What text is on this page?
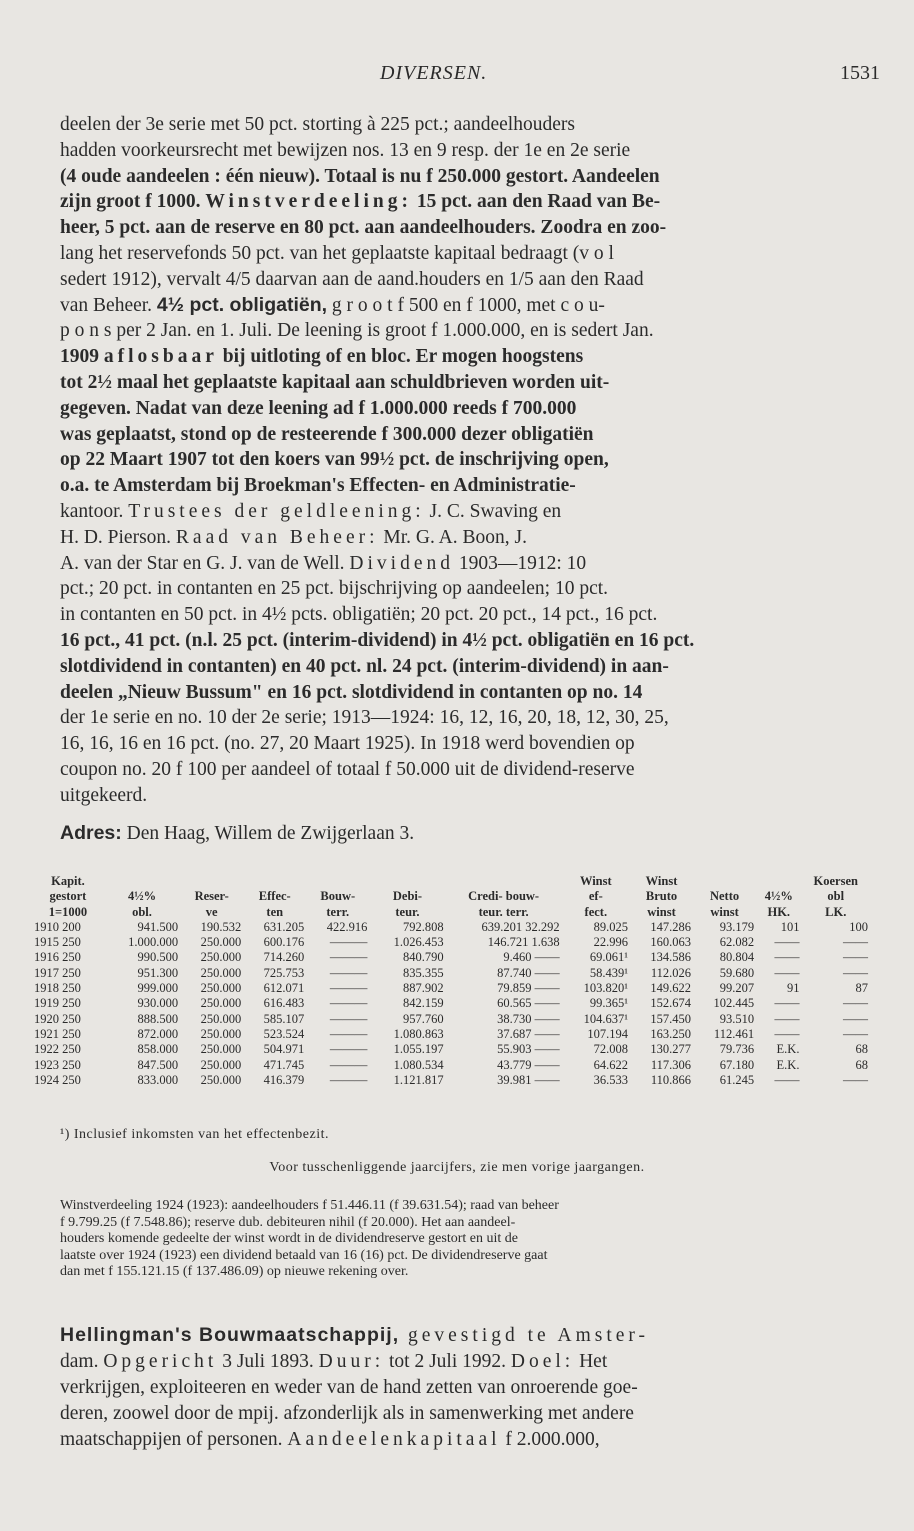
DIVERSEN.	1531
deelen der 3e serie met 50 pct. storting à 225 pct.; aandeelhouders
hadden voorkeursrecht met bewijzen nos. 13 en 9 resp. der 1e en 2e serie
(4 oude aandeelen : één nieuw). Totaal is nu f 250.000 gestort. Aandeelen
zijn groot f 1000. Winstverdeeling: 15 pct. aan den Raad van Be-
heer, 5 pct. aan de reserve en 80 pct. aan aandeelhouders. Zoodra en zoo-
lang het reservefonds 50 pct. van het geplaatste kapitaal bedraagt (v o l
sedert 1912), vervalt 4/5 daarvan aan de aand.houders en 1/5 aan den Raad
van Beheer. 4½ pct. obligatiën, g r o o t f 500 en f 1000, met c o u-
p o n s per 2 Jan. en 1. Juli. De leening is groot f 1.000.000, en is sedert Jan.
1909 aflosbaar bij uitloting of en bloc. Er mogen hoogstens
tot 2½ maal het geplaatste kapitaal aan schuldbrieven worden uit-
gegeven. Nadat van deze leening ad f 1.000.000 reeds f 700.000
was geplaatst, stond op de resteerende f 300.000 dezer obligatiën
op 22 Maart 1907 tot den koers van 99½ pct. de inschrijving open,
o.a. te Amsterdam bij Broekman's Effecten- en Administratie-
kantoor. Trustees der geldleening: J. C. Swaving en
H. D. Pierson. Raad van Beheer: Mr. G. A. Boon, J.
A. van der Star en G. J. van de Well. Dividend 1903—1912: 10
pct.; 20 pct. in contanten en 25 pct. bijschrijving op aandeelen; 10 pct.
in contanten en 50 pct. in 4½ pcts. obligatiën; 20 pct. 20 pct., 14 pct., 16 pct.
16 pct., 41 pct. (n.l. 25 pct. (interim-dividend) in 4½ pct. obligatiën en 16 pct.
slotdividend in contanten) en 40 pct. nl. 24 pct. (interim-dividend) in aan-
deelen „Nieuw Bussum" en 16 pct. slotdividend in contanten op no. 14
der 1e serie en no. 10 der 2e serie; 1913—1924: 16, 12, 16, 20, 18, 12, 30, 25,
16, 16, 16 en 16 pct. (no. 27, 20 Maart 1925). In 1918 werd bovendien op
coupon no. 20 f 100 per aandeel of totaal f 50.000 uit de dividend-reserve
uitgekeerd.
Adres: Den Haag, Willem de Zwijgerlaan 3.
Kapit.							Winst	Winst			Koersen
gestort	4½%	Reser-	Effec-	Bouw-	Debi-	Credi- bouw-	ef-	Bruto	Netto	4½%	obl
1=1000	obl.	ve	ten	terr.	teur.	teur. terr.	fect.	winst	winst	HK.	LK.
1910 200	941.500	190.532	631.205	422.916	792.808	639.201 32.292	89.025	147.286	93.179	101	100
1915 250	1.000.000	250.000	600.176	———	1.026.453	146.721 1.638	22.996	160.063	62.082	——	——
1916 250	990.500	250.000	714.260	———	840.790	9.460 ——	69.061¹	134.586	80.804	——	——
1917 250	951.300	250.000	725.753	———	835.355	87.740 ——	58.439¹	112.026	59.680	——	——
1918 250	999.000	250.000	612.071	———	887.902	79.859 ——	103.820¹	149.622	99.207	91	87
1919 250	930.000	250.000	616.483	———	842.159	60.565 ——	99.365¹	152.674	102.445	——	——
1920 250	888.500	250.000	585.107	———	957.760	38.730 ——	104.637¹	157.450	93.510	——	——
1921 250	872.000	250.000	523.524	———	1.080.863	37.687 ——	107.194	163.250	112.461	——	——
1922 250	858.000	250.000	504.971	———	1.055.197	55.903 ——	72.008	130.277	79.736	E.K.	68
1923 250	847.500	250.000	471.745	———	1.080.534	43.779 ——	64.622	117.306	67.180	E.K.	68
1924 250	833.000	250.000	416.379	———	1.121.817	39.981 ——	36.533	110.866	61.245	——	——
¹) Inclusief inkomsten van het effectenbezit.
Voor tusschenliggende jaarcijfers, zie men vorige jaargangen.
Winstverdeeling 1924 (1923): aandeelhouders f 51.446.11 (f 39.631.54); raad van beheer
f 9.799.25 (f 7.548.86); reserve dub. debiteuren nihil (f 20.000). Het aan aandeel-
houders komende gedeelte der winst wordt in de dividendreserve gestort en uit de
laatste over 1924 (1923) een dividend betaald van 16 (16) pct. De dividendreserve gaat
dan met f 155.121.15 (f 137.486.09) op nieuwe rekening over.
Hellingman's Bouwmaatschappij, gevestigd te Amster-
dam. Opgericht 3 Juli 1893. Duur: tot 2 Juli 1992. Doel: Het
verkrijgen, exploiteeren en weder van de hand zetten van onroerende goe-
deren, zoowel door de mpij. afzonderlijk als in samenwerking met andere
maatschappijen of personen. Aandeelenkapitaal f 2.000.000,
